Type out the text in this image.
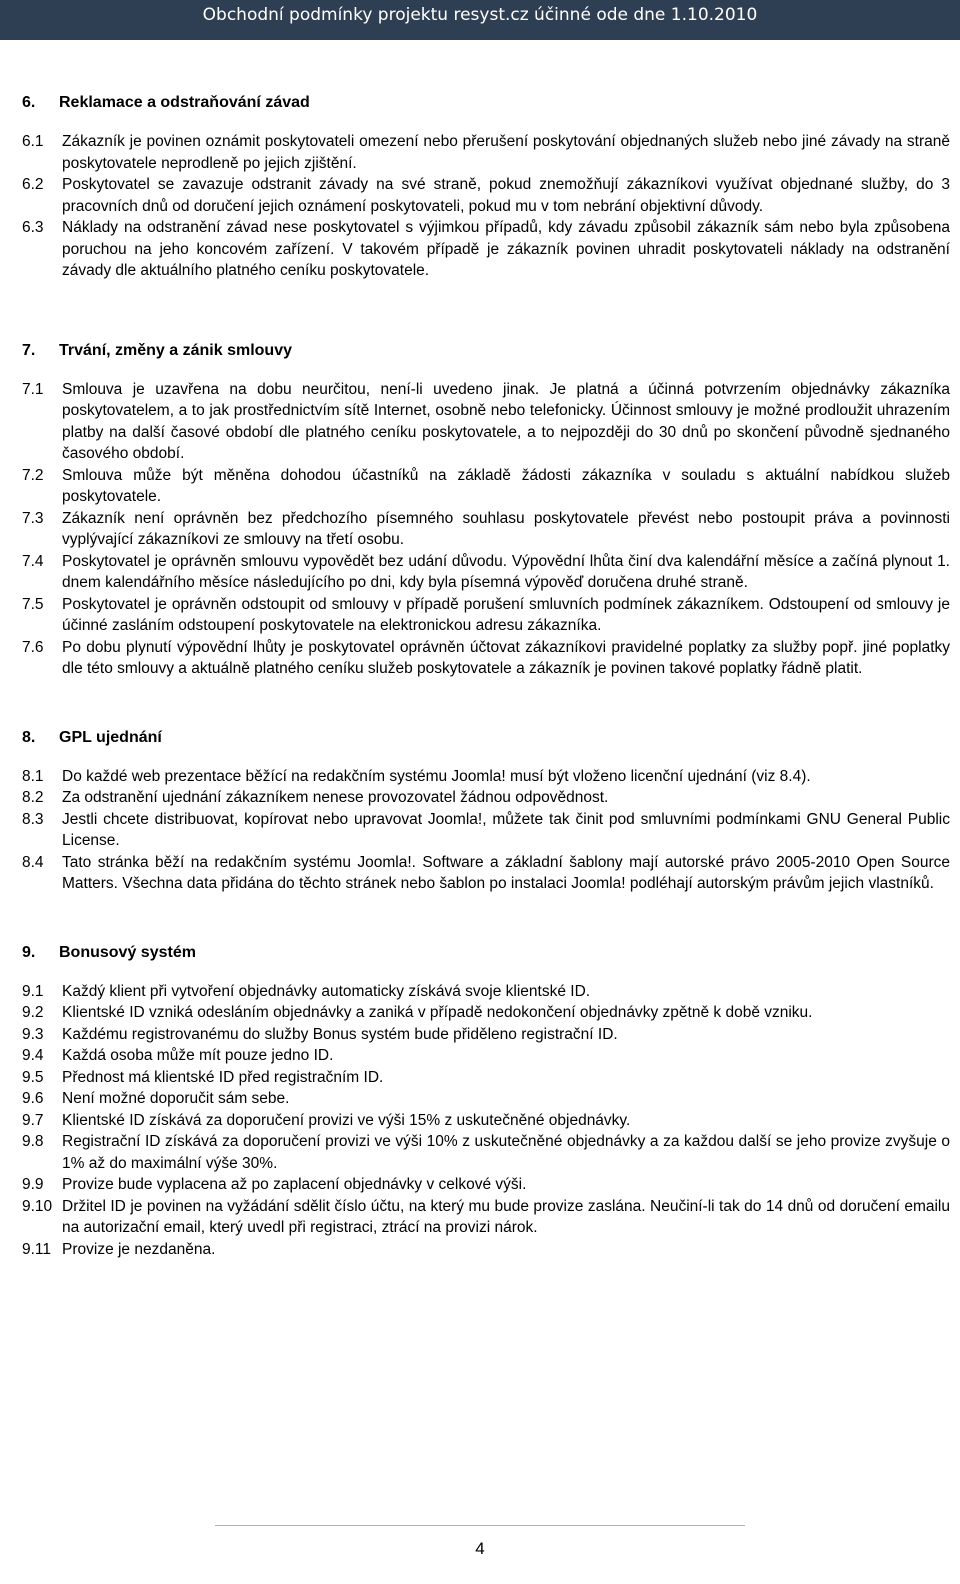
Obchodní podmínky projektu resyst.cz účinné ode dne 1.10.2010
6.	Reklamace a odstraňování závad
6.1	Zákazník je povinen oznámit poskytovateli omezení nebo přerušení poskytování objednaných služeb nebo jiné závady na straně poskytovatele neprodleně po jejich zjištění.
6.2	Poskytovatel se zavazuje odstranit závady na své straně, pokud znemožňují zákazníkovi využívat objednané služby, do 3 pracovních dnů od doručení jejich oznámení poskytovateli, pokud mu v tom nebrání objektivní důvody.
6.3	Náklady na odstranění závad nese poskytovatel s výjimkou případů, kdy závadu způsobil zákazník sám nebo byla způsobena poruchou na jeho koncovém zařízení. V takovém případě je zákazník povinen uhradit poskytovateli náklady na odstranění závady dle aktuálního platného ceníku poskytovatele.
7.	Trvání, změny a zánik smlouvy
7.1	Smlouva je uzavřena na dobu neurčitou, není-li uvedeno jinak. Je platná a účinná potvrzením objednávky zákazníka poskytovatelem, a to jak prostřednictvím sítě Internet, osobně nebo telefonicky. Účinnost smlouvy je možné prodloužit uhrazením platby na další časové období dle platného ceníku poskytovatele, a to nejpozději do 30 dnů po skončení původně sjednaného časového období.
7.2	Smlouva může být měněna dohodou účastníků na základě žádosti zákazníka v souladu s aktuální nabídkou služeb poskytovatele.
7.3	Zákazník není oprávněn bez předchozího písemného souhlasu poskytovatele převést nebo postoupit práva a povinnosti vyplývající zákazníkovi ze smlouvy na třetí osobu.
7.4	Poskytovatel je oprávněn smlouvu vypovědět bez udání důvodu. Výpovědní lhůta činí dva kalendářní měsíce a začíná plynout 1. dnem kalendářního měsíce následujícího po dni, kdy byla písemná výpověď doručena druhé straně.
7.5	Poskytovatel je oprávněn odstoupit od smlouvy v případě porušení smluvních podmínek zákazníkem. Odstoupení od smlouvy je účinné zasláním odstoupení poskytovatele na elektronickou adresu zákazníka.
7.6	Po dobu plynutí výpovědní lhůty je poskytovatel oprávněn účtovat zákazníkovi pravidelné poplatky za služby popř. jiné poplatky dle této smlouvy a aktuálně platného ceníku služeb poskytovatele a zákazník je povinen takové poplatky řádně platit.
8.	GPL ujednání
8.1	Do každé web prezentace běžící na redakčním systému Joomla! musí být vloženo licenční ujednání (viz 8.4).
8.2	Za odstranění ujednání zákazníkem nenese provozovatel žádnou odpovědnost.
8.3	Jestli chcete distribuovat, kopírovat nebo upravovat Joomla!, můžete tak činit pod smluvními podmínkami GNU General Public License.
8.4	Tato stránka běží na redakčním systému Joomla!. Software a základní šablony mají autorské právo 2005-2010 Open Source Matters. Všechna data přidána do těchto stránek nebo šablon po instalaci Joomla! podléhají autorským právům jejich vlastníků.
9.	Bonusový systém
9.1	Každý klient při vytvoření objednávky automaticky získává svoje klientské ID.
9.2	Klientské ID vzniká odesláním objednávky a zaniká v případě nedokončení objednávky zpětně k době vzniku.
9.3	Každému registrovanému do služby Bonus systém bude přiděleno registrační ID.
9.4	Každá osoba může mít pouze jedno ID.
9.5	Přednost má klientské ID před registračním ID.
9.6	Není možné doporučit sám sebe.
9.7	Klientské ID získává za doporučení provizi ve výši 15% z uskutečněné objednávky.
9.8	Registrační ID získává za doporučení provizi ve výši 10% z uskutečněné objednávky a za každou další se jeho provize zvyšuje o 1% až do maximální výše 30%.
9.9	Provize bude vyplacena až po zaplacení objednávky v celkové výši.
9.10 Držitel ID je povinen na vyžádání sdělit číslo účtu, na který mu bude provize zaslána. Neučiní-li tak do 14 dnů od doručení emailu na autorizační email, který uvedl při registraci, ztrácí na provizi nárok.
9.11 Provize je nezdaněna.
4
